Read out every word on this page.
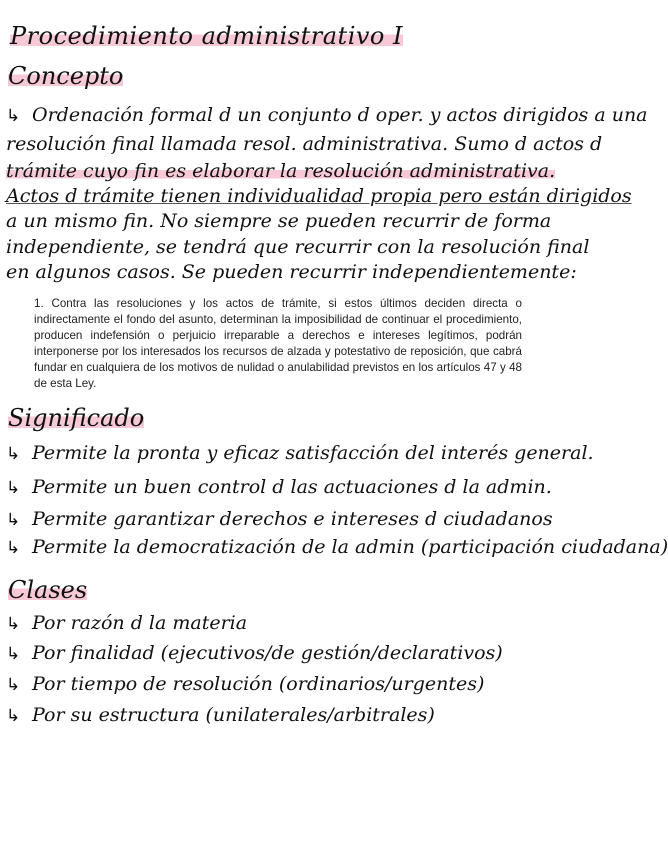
Procedimiento administrativo I
Concepto
↳ Ordenación formal d un conjunto d oper. y actos dirigidos a una
resolución final llamada resol. administrativa. Sumo d actos d
trámite cuyo fin es elaborar la resolución administrativa.
Actos d trámite tienen individualidad propia pero están dirigidos
a un mismo fin. No siempre se pueden recurrir de forma
independiente, se tendrá que recurrir con la resolución final
en algunos casos. Se pueden recurrir independientemente:
1. Contra las resoluciones y los actos de trámite, si estos últimos deciden directa o indirectamente el fondo del asunto, determinan la imposibilidad de continuar el procedimiento, producen indefensión o perjuicio irreparable a derechos e intereses legítimos, podrán interponerse por los interesados los recursos de alzada y potestativo de reposición, que cabrá fundar en cualquiera de los motivos de nulidad o anulabilidad previstos en los artículos 47 y 48 de esta Ley.
Significado
↳ Permite la pronta y eficaz satisfacción del interés general.
↳ Permite un buen control d las actuaciones d la admin.
↳ Permite garantizar derechos e intereses d ciudadanos
↳ Permite la democratización de la admin (participación ciudadana)
Clases
↳ Por razón d la materia
↳ Por finalidad (ejecutivos/de gestión/declarativos)
↳ Por tiempo de resolución (ordinarios/urgentes)
↳ Por su estructura (unilaterales/arbitrales)
